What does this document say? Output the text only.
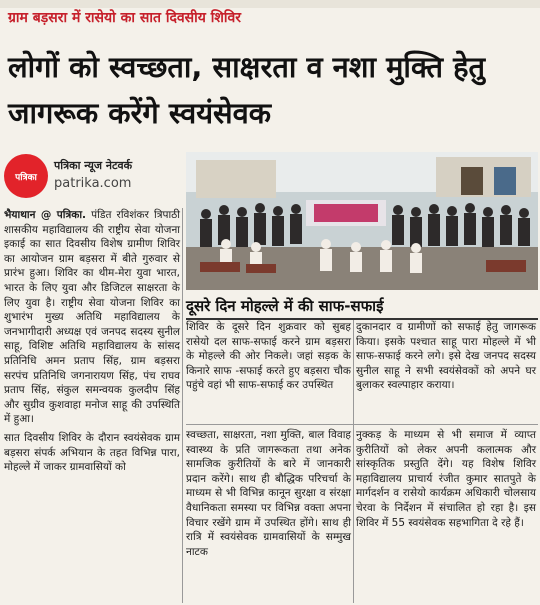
ग्राम बड़सरा में रासेयो का सात दिवसीय शिविर
लोगों को स्वच्छता, साक्षरता व नशा मुक्ति हेतु जागरूक करेंगे स्वयंसेवक
पत्रिका
पत्रिका न्यूज नेटवर्क
patrika.com
दूसरे दिन मोहल्ले में की साफ-सफाई

भैयाथान @ पत्रिका. पंडित रविशंकर त्रिपाठी शासकीय महाविद्यालय की राष्ट्रीय सेवा योजना इकाई का सात दिवसीय विशेष ग्रामीण शिविर का आयोजन ग्राम बड़सरा में बीते गुरुवार से प्रारंभ हुआ। शिविर का थीम-मेरा युवा भारत, भारत के लिए युवा और डिजिटल साक्षरता के लिए युवा है। राष्ट्रीय सेवा योजना शिविर का शुभारंभ मुख्य अतिथि महाविद्यालय के जनभागीदारी अध्यक्ष एवं जनपद सदस्य सुनील साहू, विशिष्ट अतिथि महाविद्यालय के सांसद प्रतिनिधि अमन प्रताप सिंह, ग्राम बड़सरा सरपंच प्रतिनिधि जगनारायण सिंह, पंच राघव प्रताप सिंह, संकुल समन्वयक कुलदीप सिंह और सुग्रीव कुशवाहा मनोज साहू की उपस्थिति में हुआ।

सात दिवसीय शिविर के दौरान स्वयंसेवक ग्राम बड़सरा संपर्क अभियान के तहत विभिन्न पारा, मोहल्ले में जाकर ग्रामवासियों को

शिविर के दूसरे दिन शुक्रवार को सुबह रासेयो दल साफ-सफाई करने ग्राम बड़सरा के मोहल्ले की ओर निकले। जहां सड़क के किनारे साफ -सफाई करते हुए बड़सरा चौक पहुंचे वहां भी साफ-सफाई कर उपस्थित
दुकानदार व ग्रामीणों को सफाई हेतु जागरूक किया। इसके पश्चात साहू पारा मोहल्ले में भी साफ-सफाई करने लगे। इसे देख जनपद सदस्य सुनील साहू ने सभी स्वयंसेवकों को अपने घर बुलाकर स्वल्पाहार कराया।
स्वच्छता, साक्षरता, नशा मुक्ति, बाल विवाह स्वास्थ्य के प्रति जागरूकता तथा अनेक सामजिक कुरीतियों के बारे में जानकारी प्रदान करेंगे। साथ ही बौद्धिक परिचर्चा के माध्यम से भी विभिन्न कानून सुरक्षा व संरक्षा वैधानिकता समस्या पर विभिन्न वक्ता अपना विचार रखेंगे ग्राम में उपस्थित होंगे। साथ ही रात्रि में स्वयंसेवक ग्रामवासियों के सम्मुख नाटक
नुक्कड़ के माध्यम से भी समाज में व्याप्त कुरीतियों को लेकर अपनी कलात्मक और सांस्कृतिक प्रस्तुति देंगे। यह विशेष शिविर महाविद्यालय प्राचार्य रंजीत कुमार सातपुते के मार्गदर्शन व रासेयो कार्यक्रम अधिकारी चोलसाय चेरवा के निर्देशन में संचालित हो रहा है। इस शिविर में 55 स्वयंसेवक सहभागिता दे रहे हैं।
